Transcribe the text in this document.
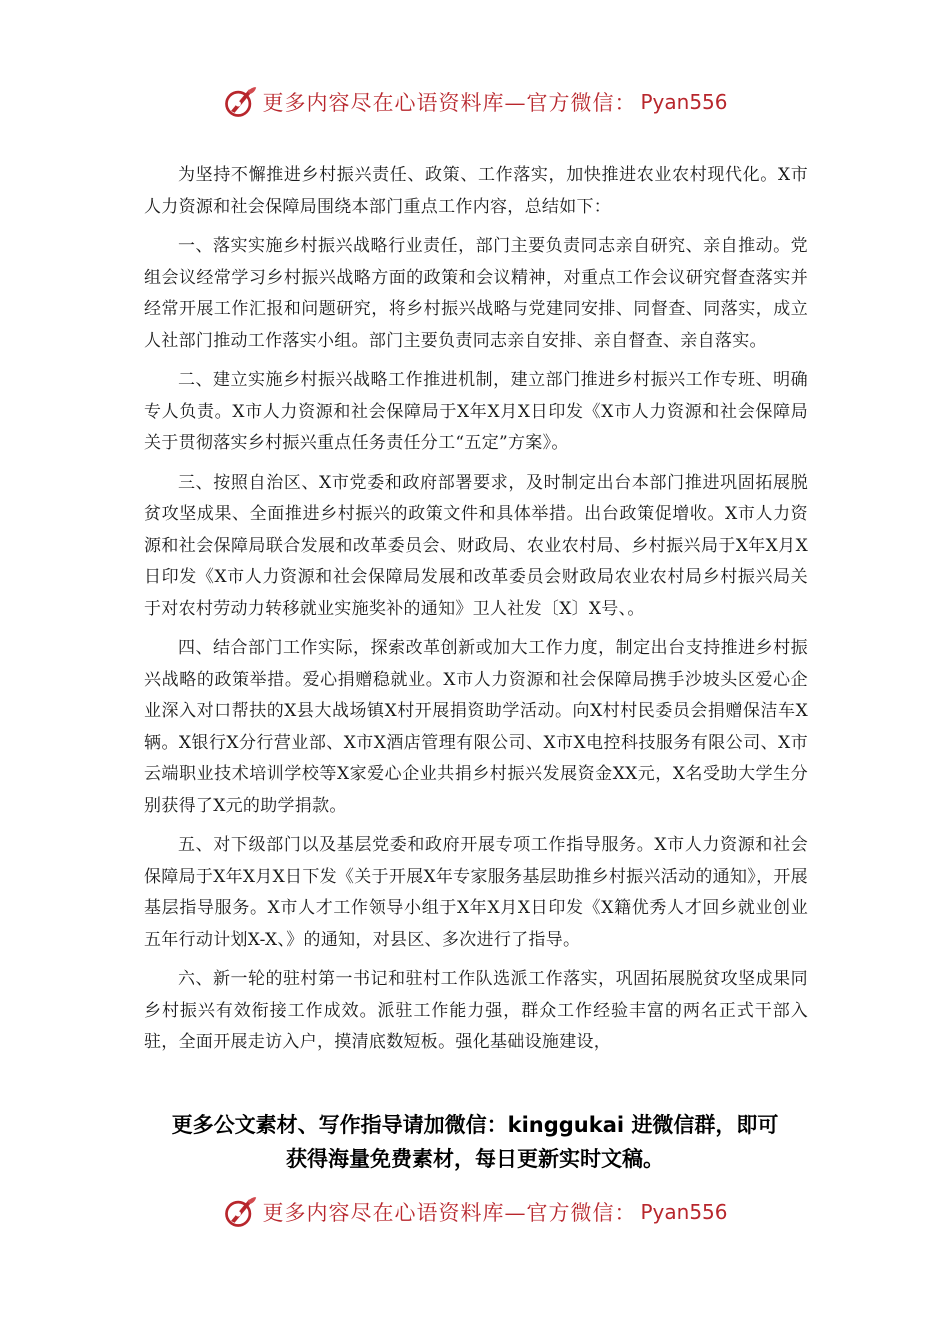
更多内容尽在心语资料库—官方微信： Pyan556

为坚持不懈推进乡村振兴责任、政策、工作落实，加快推进农业农村现代化。X市人力资源和社会保障局围绕本部门重点工作内容，总结如下：

一、落实实施乡村振兴战略行业责任，部门主要负责同志亲自研究、亲自推动。党组会议经常学习乡村振兴战略方面的政策和会议精神，对重点工作会议研究督查落实并经常开展工作汇报和问题研究，将乡村振兴战略与党建同安排、同督查、同落实，成立人社部门推动工作落实小组。部门主要负责同志亲自安排、亲自督查、亲自落实。

二、建立实施乡村振兴战略工作推进机制，建立部门推进乡村振兴工作专班、明确专人负责。X市人力资源和社会保障局于X年X月X日印发《X市人力资源和社会保障局关于贯彻落实乡村振兴重点任务责任分工“五定”方案》。

三、按照自治区、X市党委和政府部署要求，及时制定出台本部门推进巩固拓展脱贫攻坚成果、全面推进乡村振兴的政策文件和具体举措。出台政策促增收。X市人力资源和社会保障局联合发展和改革委员会、财政局、农业农村局、乡村振兴局于X年X月X日印发《X市人力资源和社会保障局发展和改革委员会财政局农业农村局乡村振兴局关于对农村劳动力转移就业实施奖补的通知》卫人社发〔X〕X号、。

四、结合部门工作实际，探索改革创新或加大工作力度，制定出台支持推进乡村振兴战略的政策举措。爱心捐赠稳就业。X市人力资源和社会保障局携手沙坡头区爱心企业深入对口帮扶的X县大战场镇X村开展捐资助学活动。向X村村民委员会捐赠保洁车X辆。X银行X分行营业部、X市X酒店管理有限公司、X市X电控科技服务有限公司、X市云端职业技术培训学校等X家爱心企业共捐乡村振兴发展资金XX元，X名受助大学生分别获得了X元的助学捐款。

五、对下级部门以及基层党委和政府开展专项工作指导服务。X市人力资源和社会保障局于X年X月X日下发《关于开展X年专家服务基层助推乡村振兴活动的通知》，开展基层指导服务。X市人才工作领导小组于X年X月X日印发《X籍优秀人才回乡就业创业五年行动计划X-X、》的通知，对县区、多次进行了指导。

六、新一轮的驻村第一书记和驻村工作队选派工作落实，巩固拓展脱贫攻坚成果同乡村振兴有效衔接工作成效。派驻工作能力强，群众工作经验丰富的两名正式干部入驻，全面开展走访入户，摸清底数短板。强化基础设施建设，

更多公文素材、写作指导请加微信：kinggukai 进微信群，即可
获得海量免费素材，每日更新实时文稿。
更多内容尽在心语资料库—官方微信： Pyan556
